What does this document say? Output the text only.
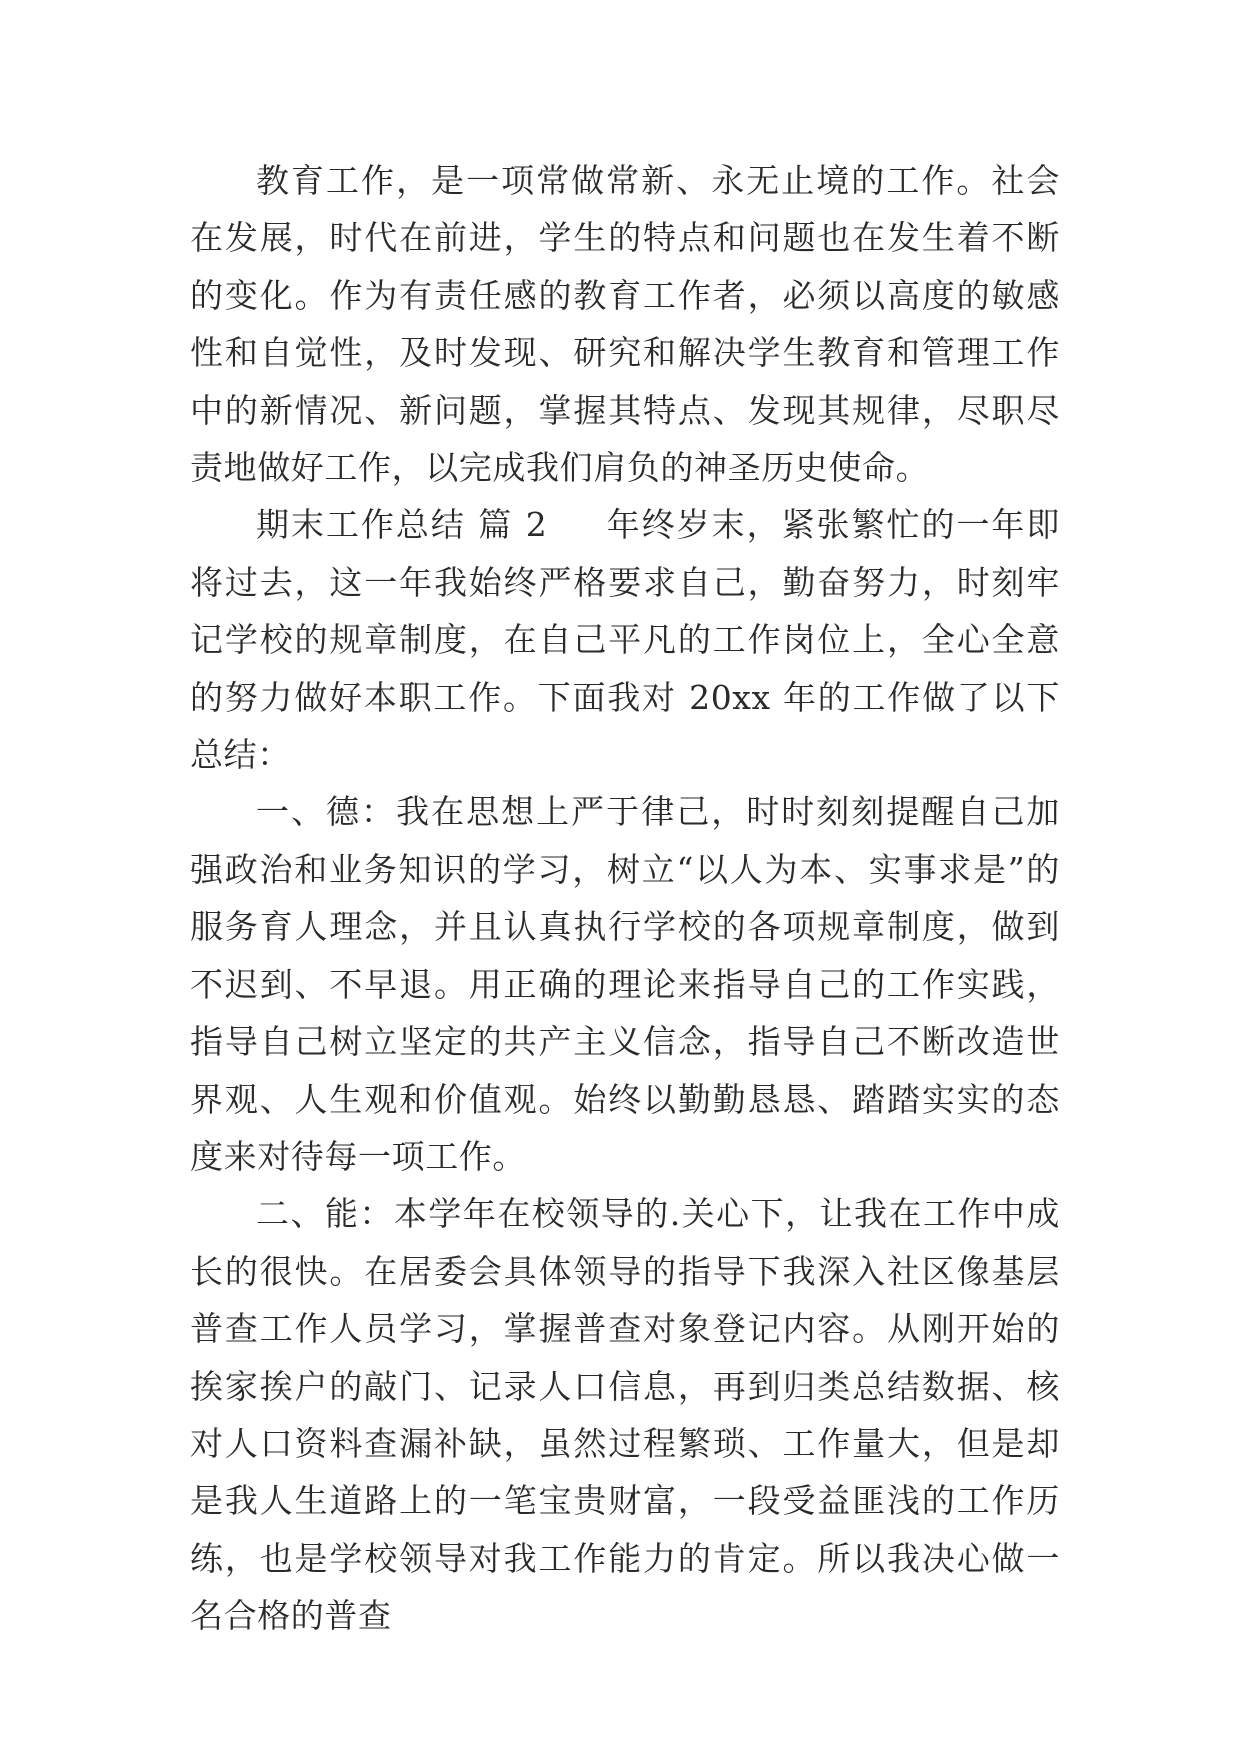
教育工作，是一项常做常新、永无止境的工作。社会在发展，时代在前进，学生的特点和问题也在发生着不断的变化。作为有责任感的教育工作者，必须以高度的敏感性和自觉性，及时发现、研究和解决学生教育和管理工作中的新情况、新问题，掌握其特点、发现其规律，尽职尽责地做好工作，以完成我们肩负的神圣历史使命。

期末工作总结 篇 2 年终岁末，紧张繁忙的一年即将过去，这一年我始终严格要求自己，勤奋努力，时刻牢记学校的规章制度，在自己平凡的工作岗位上，全心全意的努力做好本职工作。下面我对 20xx 年的工作做了以下总结：

一、德：我在思想上严于律己，时时刻刻提醒自己加强政治和业务知识的学习，树立“以人为本、实事求是”的服务育人理念，并且认真执行学校的各项规章制度，做到不迟到、不早退。用正确的理论来指导自己的工作实践，指导自己树立坚定的共产主义信念，指导自己不断改造世界观、人生观和价值观。始终以勤勤恳恳、踏踏实实的态度来对待每一项工作。

二、能：本学年在校领导的.关心下，让我在工作中成长的很快。在居委会具体领导的指导下我深入社区像基层普查工作人员学习，掌握普查对象登记内容。从刚开始的挨家挨户的敲门、记录人口信息，再到归类总结数据、核对人口资料查漏补缺，虽然过程繁琐、工作量大，但是却是我人生道路上的一笔宝贵财富，一段受益匪浅的工作历练，也是学校领导对我工作能力的肯定。所以我决心做一名合格的普查
